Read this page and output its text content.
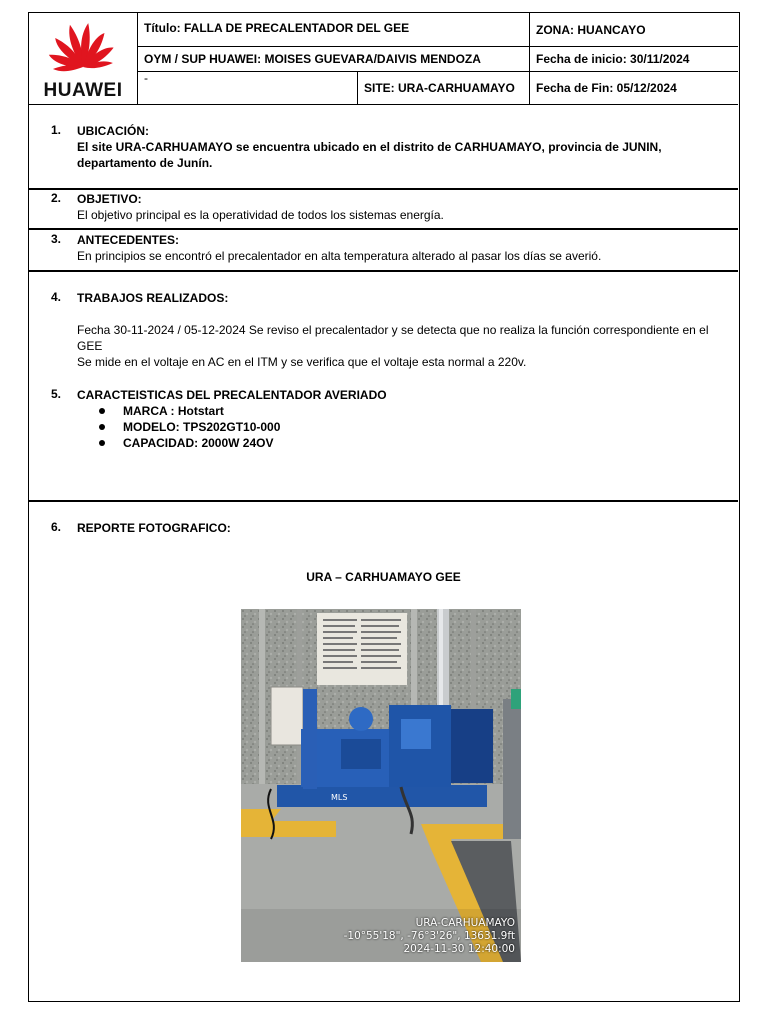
HUAWEI
Título: FALLA DE PRECALENTADOR DEL GEE	ZONA: HUANCAYO
OYM / SUP HUAWEI: MOISES GUEVARA/DAIVIS MENDOZA	Fecha de inicio: 30/11/2024
-
SITE: URA-CARHUAMAYO	Fecha de Fin: 05/12/2024
1. UBICACIÓN:
El site URA-CARHUAMAYO se encuentra ubicado en el distrito de CARHUAMAYO, provincia de JUNIN, departamento de Junín.
2. OBJETIVO:
El objetivo principal es la operatividad de todos los sistemas energía.
3. ANTECEDENTES:
En principios se encontró el precalentador en alta temperatura alterado al pasar los días se averió.
4. TRABAJOS REALIZADOS:
Fecha 30-11-2024 / 05-12-2024 Se reviso el precalentador y se detecta que no realiza la función correspondiente en el GEE
Se mide en el voltaje en AC en el ITM y se verifica que el voltaje esta normal a 220v.
5. CARACTEISTICAS DEL PRECALENTADOR AVERIADO
MARCA : Hotstart
MODELO: TPS202GT10-000
CAPACIDAD: 2000W 24OV
6. REPORTE FOTOGRAFICO:
URA – CARHUAMAYO GEE
MLS
URA-CARHUAMAYO
-10°55'18", -76°3'26", 13631.9ft
2024-11-30 12:40:00
